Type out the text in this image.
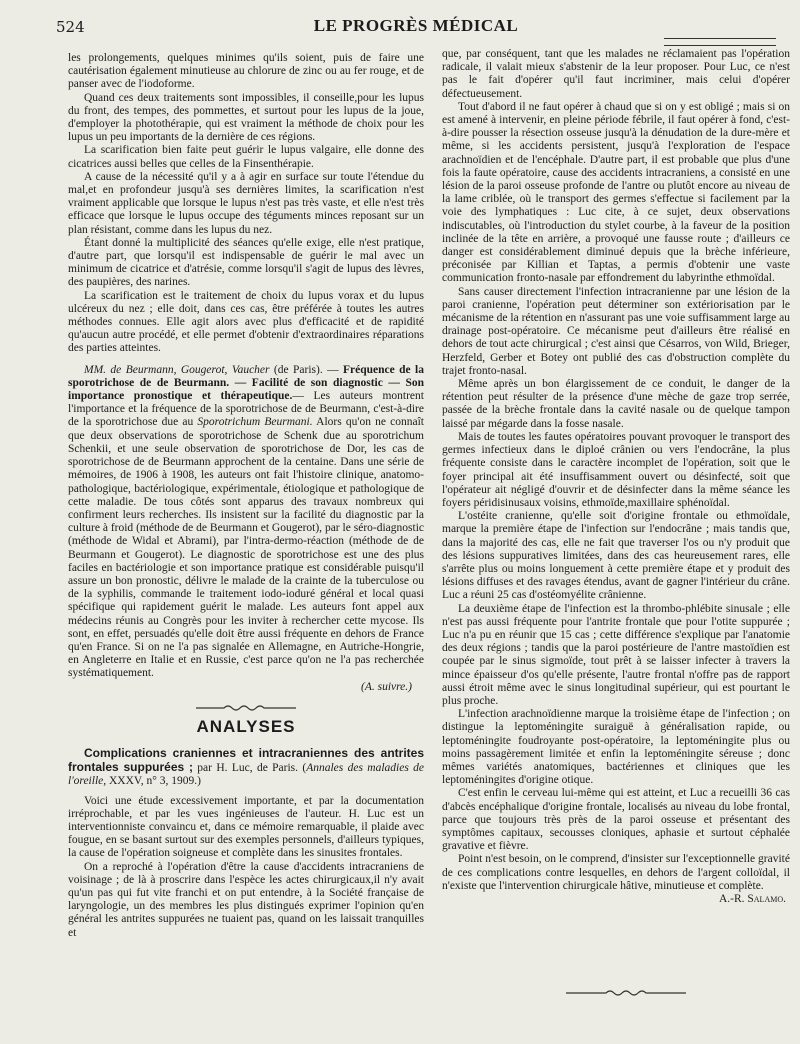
524	LE PROGRÈS MÉDICAL

les prolongements, quelques minimes qu'ils soient, puis de faire une cautérisation également minutieuse au chlorure de zinc ou au fer rouge, et de panser avec de l'iodoforme.

Quand ces deux traitements sont impossibles, il conseille,pour les lupus du front, des tempes, des pommettes, et surtout pour les lupus de la joue, d'employer la photothérapie, qui est vraiment la méthode de choix pour les lupus un peu importants de la dernière de ces régions.

La scarification bien faite peut guérir le lupus valgaire, elle donne des cicatrices aussi belles que celles de la Finsenthérapie.

A cause de la nécessité qu'il y a à agir en surface sur toute l'étendue du mal,et en profondeur jusqu'à ses dernières limites, la scarification n'est vraiment applicable que lorsque le lupus n'est pas très vaste, et elle n'est très efficace que lorsque le lupus occupe des téguments minces reposant sur un plan résistant, comme dans les lupus du nez.

Étant donné la multiplicité des séances qu'elle exige, elle n'est pratique, d'autre part, que lorsqu'il est indispensable de guérir le mal avec un minimum de cicatrice et d'atrésie, comme lorsqu'il s'agit de lupus des lèvres, des paupières, des narines.

La scarification est le traitement de choix du lupus vorax et du lupus ulcéreux du nez ; elle doit, dans ces cas, être préférée à toutes les autres méthodes connues. Elle agit alors avec plus d'efficacité et de rapidité qu'aucun autre procédé, et elle permet d'obtenir d'extraordinaires réparations des parties atteintes.

MM. de Beurmann, Gougerot, Vaucher (de Paris). — Fréquence de la sporotrichose de de Beurmann. — Facilité de son diagnostic — Son importance pronostique et thérapeutique.— Les auteurs montrent l'importance et la fréquence de la sporotrichose de de Beurmann, c'est-à-dire de la sporotrichose due au Sporotrichum Beurmani. Alors qu'on ne connaît que deux observations de sporotrichose de Schenk due au sporotrichum Schenkii, et une seule observation de sporotrichose de Dor, les cas de sporotrichose de de Beurmann approchent de la centaine. Dans une série de mémoires, de 1906 à 1908, les auteurs ont fait l'histoire clinique, anatomo-pathologique, bactériologique, expérimentale, étiologique et pathologique de cette maladie. De tous côtés sont apparus des travaux nombreux qui confirment leurs recherches. Ils insistent sur la facilité du diagnostic par la culture à froid (méthode de de Beurmann et Gougerot), par le séro-diagnostic (méthode de Widal et Abrami), par l'intra-dermo-réaction (méthode de de Beurmann et Gougerot). Le diagnostic de sporotrichose est une des plus faciles en bactériologie et son importance pratique est considérable puisqu'il assure un bon pronostic, délivre le malade de la crainte de la tuberculose ou de la syphilis, commande le traitement iodo-ioduré général et local quasi spécifique qui rapidement guérit le malade. Les auteurs font appel aux médecins réunis au Congrès pour les inviter à rechercher cette mycose. Ils sont, en effet, persuadés qu'elle doit être aussi fréquente en dehors de France qu'en France. Si on ne l'a pas signalée en Allemagne, en Autriche-Hongrie, en Angleterre en Italie et en Russie, c'est parce qu'on ne l'a pas recherchée systématiquement.
(A. suivre.)

ANALYSES

Complications craniennes et intracraniennes des antrites frontales suppurées ; par H. Luc, de Paris. (Annales des maladies de l'oreille, XXXV, n° 3, 1909.)

Voici une étude excessivement importante, et par la documentation irréprochable, et par les vues ingénieuses de l'auteur. H. Luc est un interventionniste convaincu et, dans ce mémoire remarquable, il plaide avec fougue, en se basant surtout sur des exemples personnels, d'ailleurs typiques, la cause de l'opération soigneuse et complète dans les sinusites frontales.

On a reproché à l'opération d'être la cause d'accidents intracraniens de voisinage ; de là à proscrire dans l'espèce les actes chirurgicaux,il n'y avait qu'un pas qui fut vite franchi et on put entendre, à la Société française de laryngologie, un des membres les plus distingués exprimer l'opinion qu'en général les antrites suppurées ne tuaient pas, quand on les laissait tranquilles et

que, par conséquent, tant que les malades ne réclamaient pas l'opération radicale, il valait mieux s'abstenir de la leur proposer. Pour Luc, ce n'est pas le fait d'opérer qu'il faut incriminer, mais celui d'opérer défectueusement.

Tout d'abord il ne faut opérer à chaud que si on y est obligé ; mais si on est amené à intervenir, en pleine période fébrile, il faut opérer à fond, c'est-à-dire pousser la résection osseuse jusqu'à la dénudation de la dure-mère et même, si les accidents persistent, jusqu'à l'exploration de l'espace arachnoïdien et de l'encéphale. D'autre part, il est probable que plus d'une fois la faute opératoire, cause des accidents intracraniens, a consisté en une lésion de la paroi osseuse profonde de l'antre ou plutôt encore au niveau de la lame criblée, où le transport des germes s'effectue si facilement par la voie des lymphatiques : Luc cite, à ce sujet, deux observations indiscutables, où l'introduction du stylet courbe, à la faveur de la position inclinée de la tête en arrière, a provoqué une fausse route ; d'ailleurs ce danger est considérablement diminué depuis que la brèche inférieure, préconisée par Killian et Taptas, a permis d'obtenir une vaste communication fronto-nasale par effondrement du labyrinthe ethmoïdal.

Sans causer directement l'infection intracranienne par une lésion de la paroi cranienne, l'opération peut déterminer son extériorisation par le mécanisme de la rétention en n'assurant pas une voie suffisamment large au drainage post-opératoire. Ce mécanisme peut d'ailleurs être réalisé en dehors de tout acte chirurgical ; c'est ainsi que Césarros, von Wild, Brieger, Herzfeld, Gerber et Botey ont publié des cas d'obstruction complète du trajet fronto-nasal.

Même après un bon élargissement de ce conduit, le danger de la rétention peut résulter de la présence d'une mèche de gaze trop serrée, passée de la brèche frontale dans la cavité nasale ou de quelque tampon laissé par mégarde dans la fosse nasale.

Mais de toutes les fautes opératoires pouvant provoquer le transport des germes infectieux dans le diploé crânien ou vers l'endocrâne, la plus fréquente consiste dans le caractère incomplet de l'opération, soit que le foyer principal ait été insuffisamment ouvert ou désinfecté, soit que l'opérateur ait négligé d'ouvrir et de désinfecter dans la même séance les foyers péridisinusaux voisins, ethmoïde,maxillaire sphénoïdal.

L'ostéite cranienne, qu'elle soit d'origine frontale ou ethmoïdale, marque la première étape de l'infection sur l'endocrâne ; mais tandis que, dans la majorité des cas, elle ne fait que traverser l'os ou n'y produit que des lésions suppuratives limitées, dans des cas heureusement rares, elle s'arrête plus ou moins longuement à cette première étape et y produit des lésions diffuses et des ravages étendus, avant de gagner l'intérieur du crâne. Luc a réuni 25 cas d'ostéomyélite crânienne.

La deuxième étape de l'infection est la thrombo-phlébite sinusale ; elle n'est pas aussi fréquente pour l'antrite frontale que pour l'otite suppurée ; Luc n'a pu en réunir que 15 cas ; cette différence s'explique par l'anatomie des deux régions ; tandis que la paroi postérieure de l'antre mastoïdien est coupée par le sinus sigmoïde, tout prêt à se laisser infecter à travers la mince épaisseur d'os qu'elle présente, l'autre frontal n'offre pas de rapport aussi étroit même avec le sinus longitudinal supérieur, qui est pourtant le plus proche.

L'infection arachnoïdienne marque la troisième étape de l'infection ; on distingue la leptoméningite suraiguë à généralisation rapide, ou leptoméningite foudroyante post-opératoire, la leptoméningite plus ou moins passagèrement limitée et enfin la leptoméningite séreuse ; donc mêmes variétés anatomiques, bactériennes et cliniques que les leptoméningites d'origine otique.

C'est enfin le cerveau lui-même qui est atteint, et Luc a recueilli 36 cas d'abcès encéphalique d'origine frontale, localisés au niveau du lobe frontal, parce que toujours très près de la paroi osseuse et présentant des symptômes capitaux, secousses cloniques, aphasie et surtout céphalée gravative et fièvre.

Point n'est besoin, on le comprend, d'insister sur l'exceptionnelle gravité de ces complications contre lesquelles, en dehors de l'argent colloïdal, il n'existe que l'intervention chirurgicale hâtive, minutieuse et complète.

A.-R. Salamo.
